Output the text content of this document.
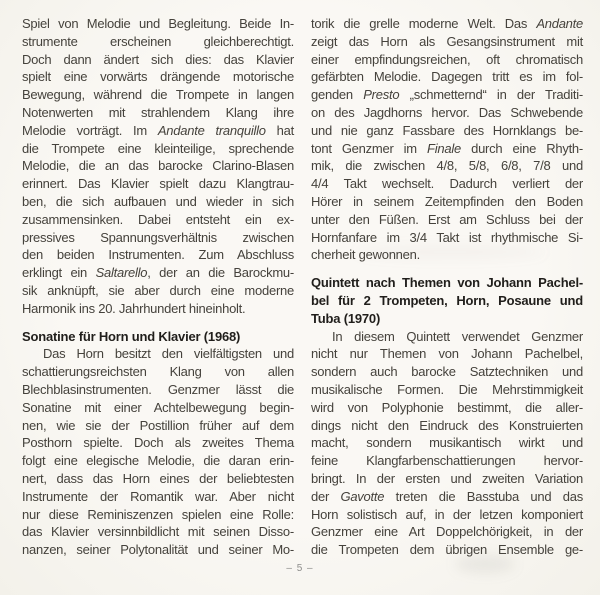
Spiel von Melodie und Begleitung. Beide In-
strumente erscheinen gleichberechtigt.
Doch dann ändert sich dies: das Klavier
spielt eine vorwärts drängende motorische
Bewegung, während die Trompete in langen
Notenwerten mit strahlendem Klang ihre
Melodie vorträgt. Im Andante tranquillo hat
die Trompete eine kleinteilige, sprechende
Melodie, die an das barocke Clarino-Blasen
erinnert. Das Klavier spielt dazu Klangtrau-
ben, die sich aufbauen und wieder in sich
zusammensinken. Dabei entsteht ein ex-
pressives Spannungsverhältnis zwischen
den beiden Instrumenten. Zum Abschluss
erklingt ein Saltarello, der an die Barockmu-
sik anknüpft, sie aber durch eine moderne
Harmonik ins 20. Jahrhundert hineinholt.
Sonatine für Horn und Klavier (1968)
Das Horn besitzt den vielfältigsten und
schattierungsreichsten Klang von allen
Blechblasinstrumenten. Genzmer lässt die
Sonatine mit einer Achtelbewegung begin-
nen, wie sie der Postillion früher auf dem
Posthorn spielte. Doch als zweites Thema
folgt eine elegische Melodie, die daran erin-
nert, dass das Horn eines der beliebtesten
Instrumente der Romantik war. Aber nicht
nur diese Reminiszenzen spielen eine Rolle:
das Klavier versinnbildlicht mit seinen Disso-
nanzen, seiner Polytonalität und seiner Mo-
torik die grelle moderne Welt. Das Andante
zeigt das Horn als Gesangsinstrument mit
einer empfindungsreichen, oft chromatisch
gefärbten Melodie. Dagegen tritt es im fol-
genden Presto „schmetternd“ in der Traditi-
on des Jagdhorns hervor. Das Schwebende
und nie ganz Fassbare des Hornklangs be-
tont Genzmer im Finale durch eine Rhyth-
mik, die zwischen 4/8, 5/8, 6/8, 7/8 und
4/4 Takt wechselt. Dadurch verliert der
Hörer in seinem Zeitempfinden den Boden
unter den Füßen. Erst am Schluss bei der
Hornfanfare im 3/4 Takt ist rhythmische Si-
cherheit gewonnen.
Quintett nach Themen von Johann Pachel-
bel für 2 Trompeten, Horn, Posaune und
Tuba (1970)
In diesem Quintett verwendet Genzmer
nicht nur Themen von Johann Pachelbel,
sondern auch barocke Satztechniken und
musikalische Formen. Die Mehrstimmigkeit
wird von Polyphonie bestimmt, die aller-
dings nicht den Eindruck des Konstruierten
macht, sondern musikantisch wirkt und
feine Klangfarbenschattierungen hervor-
bringt. In der ersten und zweiten Variation
der Gavotte treten die Basstuba und das
Horn solistisch auf, in der letzen komponiert
Genzmer eine Art Doppelchörigkeit, in der
die Trompeten dem übrigen Ensemble ge-
– 5 –
